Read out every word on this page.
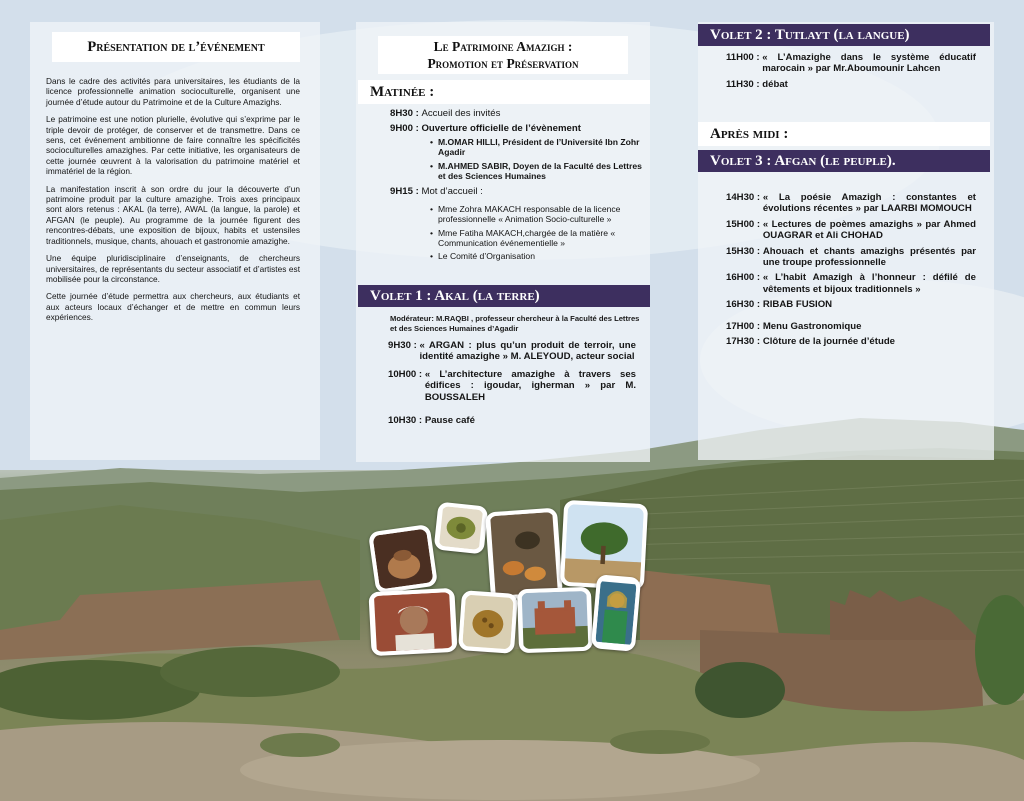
Présentation de l’événement

Dans le cadre des activités para universitaires, les étudiants de la licence professionnelle animation socioculturelle, organisent une journée d’étude autour du Patrimoine et de la Culture Amazighs.

Le patrimoine est une notion plurielle, évolutive qui s’exprime par le triple devoir de protéger, de conserver et de transmettre. Dans ce sens, cet événement ambitionne de faire connaître les spécificités socioculturelles amazighes. Par cette initiative, les organisateurs de cette journée œuvrent à la valorisation du patrimoine matériel et immatériel de la région.

La manifestation inscrit à son ordre du jour la découverte d’un patrimoine produit par la culture amazighe. Trois axes principaux sont alors retenus : AKAL (la terre), AWAL (la langue, la parole) et AFGAN (le peuple). Au programme de la journée figurent des rencontres-débats, une exposition de bijoux, habits et ustensiles traditionnels, musique, chants, ahouach et gastronomie amazighe.

Une équipe pluridisciplinaire d’enseignants, de chercheurs universitaires, de représentants du secteur associatif et d’artistes est mobilisée pour la circonstance.

Cette journée d’étude permettra aux chercheurs, aux étudiants et aux acteurs locaux d’échanger et de mettre en commun leurs expériences.

Le Patrimoine Amazigh :
Promotion et Préservation
Matinée :
8H30 :
Accueil des invités
9H00 :
Ouverture officielle de l’évènement
• M.OMAR HILLI, Président de l’Université Ibn Zohr Agadir
• M.AHMED SABIR, Doyen de la Faculté des Lettres et des Sciences Humaines
9H15 :
Mot d’accueil :
• Mme Zohra MAKACH responsable de la licence professionnelle « Animation Socio-culturelle »
• Mme Fatiha MAKACH,chargée de la matière « Communication événementielle »
• Le Comité d’Organisation
Volet 1 : Akal (la terre)
Modérateur: M.RAQBI , professeur chercheur à la Faculté des Lettres et des Sciences Humaines d’Agadir
9H30 :
« ARGAN : plus qu’un produit de terroir, une identité amazighe » M. ALEYOUD, acteur social
10H00 :
« L’architecture amazighe à travers ses édifices : igoudar, igherman » par M. BOUSSALEH
10H30 :
Pause café
Volet 2 : Tutlayt (la langue)
11H00 :
« L’Amazighe dans le système éducatif marocain » par Mr.Aboumounir Lahcen
11H30 :
débat
Après midi :
Volet 3 : Afgan (le peuple).
14H30 :
« La poésie Amazigh : constantes et évolutions récentes » par LAARBI MOMOUCH
15H00 :
« Lectures de poèmes amazighs » par Ahmed OUAGRAR et Ali CHOHAD
15H30 :
Ahouach et chants amazighs présentés par une troupe professionnelle
16H00 :
« L’habit Amazigh à l’honneur : défilé de vêtements et bijoux traditionnels »
16H30 :
RIBAB FUSION
17H00 :
Menu Gastronomique
17H30 :
Clôture de la journée d’étude
